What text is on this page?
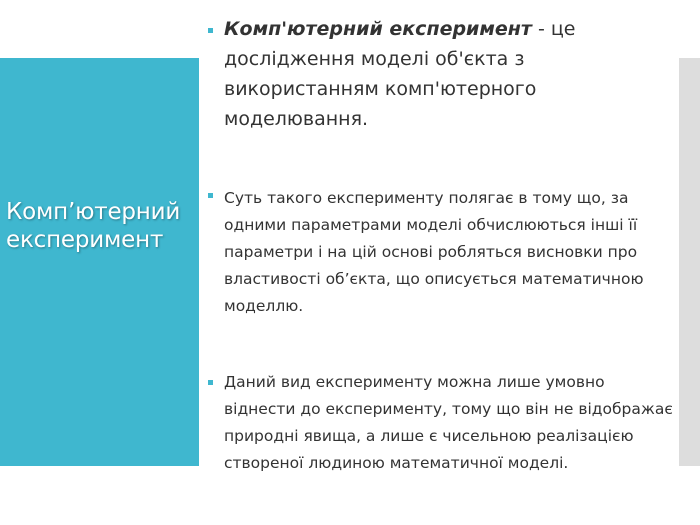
Комп’ютерний експеримент
Комп'ютерний експеримент - це дослідження моделі об'єкта з використанням комп'ютерного моделювання.
Суть такого експерименту полягає в тому що, за одними параметрами моделі обчислюються інші її параметри і на цій основі робляться висновки про властивості об’єкта, що описується математичною моделлю.
Даний вид експерименту можна лише умовно віднести до експерименту, тому що він не відображає природні явища, а лише є чисельною реалізацією створеної людиною математичної моделі.
